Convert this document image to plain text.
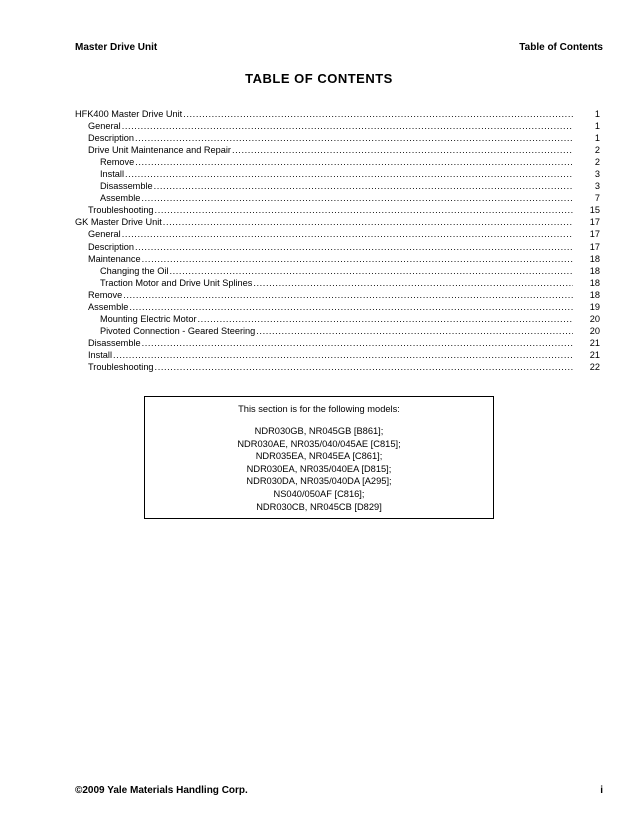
Master Drive Unit	Table of Contents
TABLE OF CONTENTS
HFK400 Master Drive Unit .....	1
General .....	1
Description .....	1
Drive Unit Maintenance and Repair .....	2
Remove .....	2
Install .....	3
Disassemble .....	3
Assemble .....	7
Troubleshooting .....	15
GK Master Drive Unit .....	17
General .....	17
Description .....	17
Maintenance .....	18
Changing the Oil .....	18
Traction Motor and Drive Unit Splines .....	18
Remove .....	18
Assemble .....	19
Mounting Electric Motor .....	20
Pivoted Connection - Geared Steering .....	20
Disassemble .....	21
Install .....	21
Troubleshooting .....	22
This section is for the following models:
NDR030GB, NR045GB [B861];
NDR030AE, NR035/040/045AE [C815];
NDR035EA, NR045EA [C861];
NDR030EA, NR035/040EA [D815];
NDR030DA, NR035/040DA [A295];
NS040/050AF [C816];
NDR030CB, NR045CB [D829]
©2009 Yale Materials Handling Corp.	i
